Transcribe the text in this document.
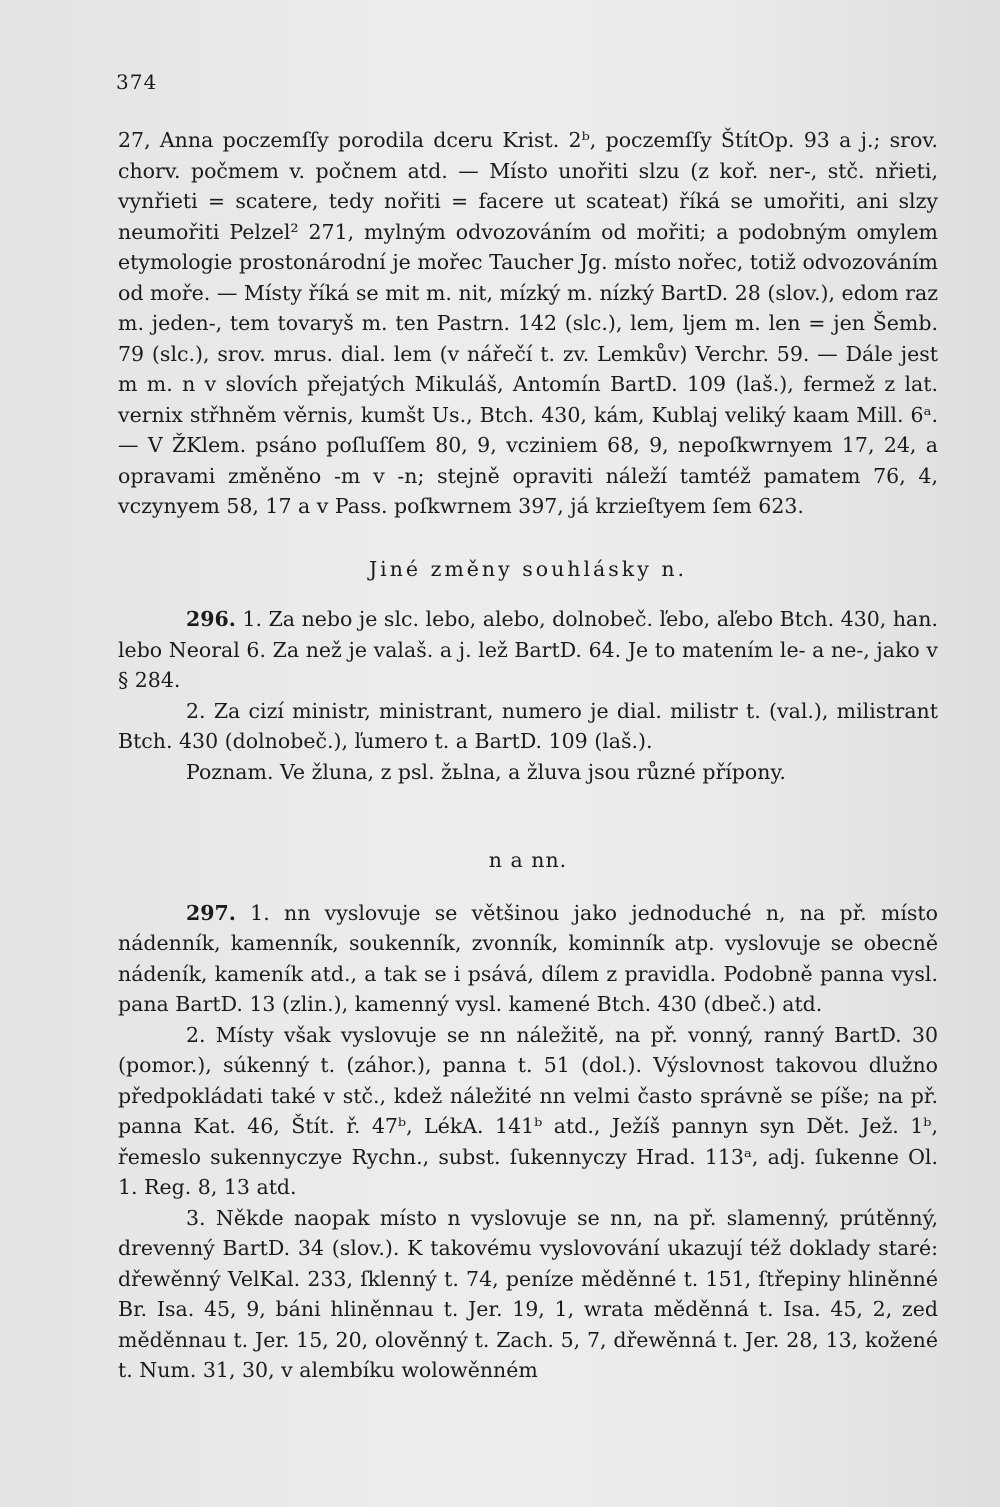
374

27, Anna poczemſſy porodila dceru Krist. 2ᵇ, poczemſſy ŠtítOp. 93 a j.; srov. chorv. počmem v. počnem atd. — Místo unořiti slzu (z koř. ner-, stč. nřieti, vynřieti = scatere, tedy nořiti = facere ut scateat) říká se umořiti, ani slzy neumořiti Pelzel² 271, mylným odvozováním od mořiti; a podobným omylem etymologie prostonárodní je mořec Taucher Jg. místo nořec, totiž odvozováním od moře. — Místy říká se mit m. nit, mízký m. nízký BartD. 28 (slov.), edom raz m. jeden-, tem tovaryš m. ten Pastrn. 142 (slc.), lem, ljem m. len = jen Šemb. 79 (slc.), srov. mrus. dial. lem (v nářečí t. zv. Lemkův) Verchr. 59. — Dále jest m m. n v slovích přejatých Mikuláš, Antomín BartD. 109 (laš.), fermež z lat. vernix střhněm věrnis, kumšt Us., Btch. 430, kám, Kublaj veliký kaam Mill. 6ᵃ. — V ŽKlem. psáno poſluſſem 80, 9, vcziniem 68, 9, nepoſkwrnyem 17, 24, a opravami změněno -m v -n; stejně opraviti náleží tamtéž pamatem 76, 4, vczynyem 58, 17 a v Pass. poſkwrnem 397, já krzieſtyem ſem 623.

Jiné změny souhlásky n.

296. 1. Za nebo je slc. lebo, alebo, dolnobeč. ľebo, aľebo Btch. 430, han. lebo Neoral 6. Za než je valaš. a j. lež BartD. 64. Je to matením le- a ne-, jako v § 284.

2. Za cizí ministr, ministrant, numero je dial. milistr t. (val.), milistrant Btch. 430 (dolnobeč.), ľumero t. a BartD. 109 (laš.).

Poznam. Ve žluna, z psl. žьlna, a žluva jsou různé přípony.

n a nn.

297. 1. nn vyslovuje se většinou jako jednoduché n, na př. místo nádenník, kamenník, soukenník, zvonník, kominník atp. vyslovuje se obecně nádeník, kameník atd., a tak se i psává, dílem z pravidla. Podobně panna vysl. pana BartD. 13 (zlin.), kamenný vysl. kamené Btch. 430 (dbeč.) atd.

2. Místy však vyslovuje se nn náležitě, na př. vonný, ranný BartD. 30 (pomor.), súkenný t. (záhor.), panna t. 51 (dol.). Výslovnost takovou dlužno předpokládati také v stč., kdež náležité nn velmi často správně se píše; na př. panna Kat. 46, Štít. ř. 47ᵇ, LékA. 141ᵇ atd., Ježíš pannyn syn Dět. Jež. 1ᵇ, řemeslo sukennyczye Rychn., subst. ſukennyczy Hrad. 113ᵃ, adj. ſukenne Ol. 1. Reg. 8, 13 atd.

3. Někde naopak místo n vyslovuje se nn, na př. slamenný, prútěnný, drevenný BartD. 34 (slov.). K takovému vyslovování ukazují též doklady staré: dřewěnný VelKal. 233, ſklenný t. 74, peníze měděnné t. 151, ſtřepiny hliněnné Br. Isa. 45, 9, báni hliněnnau t. Jer. 19, 1, wrata měděnná t. Isa. 45, 2, zed měděnnau t. Jer. 15, 20, olověnný t. Zach. 5, 7, dřewěnná t. Jer. 28, 13, kožené t. Num. 31, 30, v alembíku wolowěnném
